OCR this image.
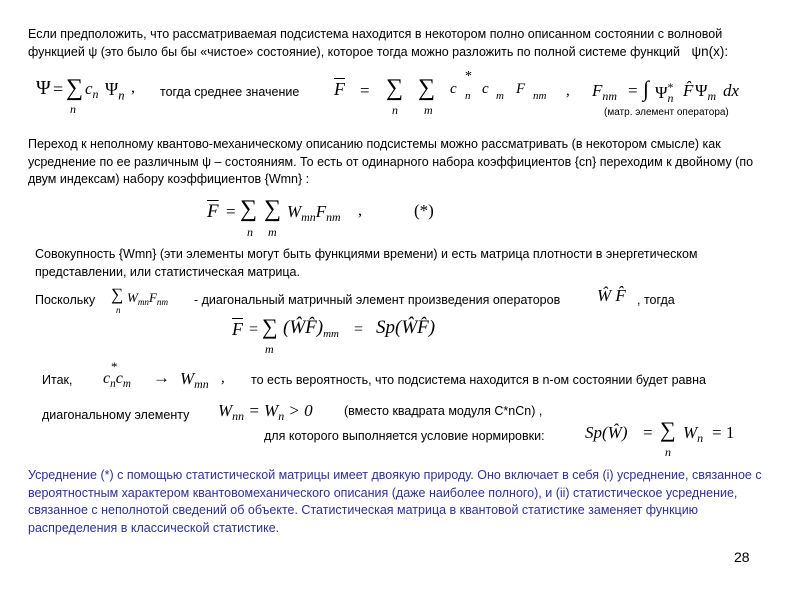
Если предположить, что рассматриваемая подсистема находится в некотором полно описанном состоянии с волновой
функцией ψ (это было бы бы «чистое» состояние), которое тогда можно разложить по полной системе функций ψn(x):
Ψ = ∑
n
$c_n$ $\Psi_n$ , тогда среднее значение $\overline{F}$ = ∑
n
∑
m
*
c n c m F nm , $F_{nm}$ = ∫ $\Psi^*_n$ F̂ $\Psi_m$ dx
(матр. элемент оператора)
Переход к неполному квантово-механическому описанию подсистемы можно рассматривать (в некотором смысле) как усреднение по ее различным ψ – состояниям. То есть от одинарного набора коэффициентов {cn} переходим к двойному (по двум индексам) набору коэффициентов {Wmn} :
$\overline{F}$ = ∑
n
∑
m
$W_{mn}F_{nm}$ ,	(*)
Совокупность {Wmn} (эти элементы могут быть функциями времени) и есть матрица плотности в энергетическом представлении, или статистическая матрица.
Поскольку ∑
n
$W_{mn}F_{nm}$ - диагональный матричный элемент произведения операторов Ŵ F̂ , тогда
$\overline{F}$ = ∑
m
$(ŴF̂)_{mm}$ = Sp(ŴF̂)
Итак,
*
$c_nc_m \to W_{mn}$ , то есть вероятность, что подсистема находится в n-ом состоянии будет равна
диагональному элементу $W_{nn} = W_n > 0$	(вместо квадрата модуля C*nCn) ,
для которого выполняется условие нормировки: Sp(Ŵ) = ∑
n
$W_n = 1$
Усреднение (*) с помощью статистической матрицы имеет двоякую природу. Оно включает в себя (i) усреднение, связанное с вероятностным характером квантовомеханического описания (даже наиболее полного), и (ii) статистическое усреднение, связанное с неполнотой сведений об объекте. Статистическая матрица в квантовой статистике заменяет функцию распределения в классической статистике.
28
